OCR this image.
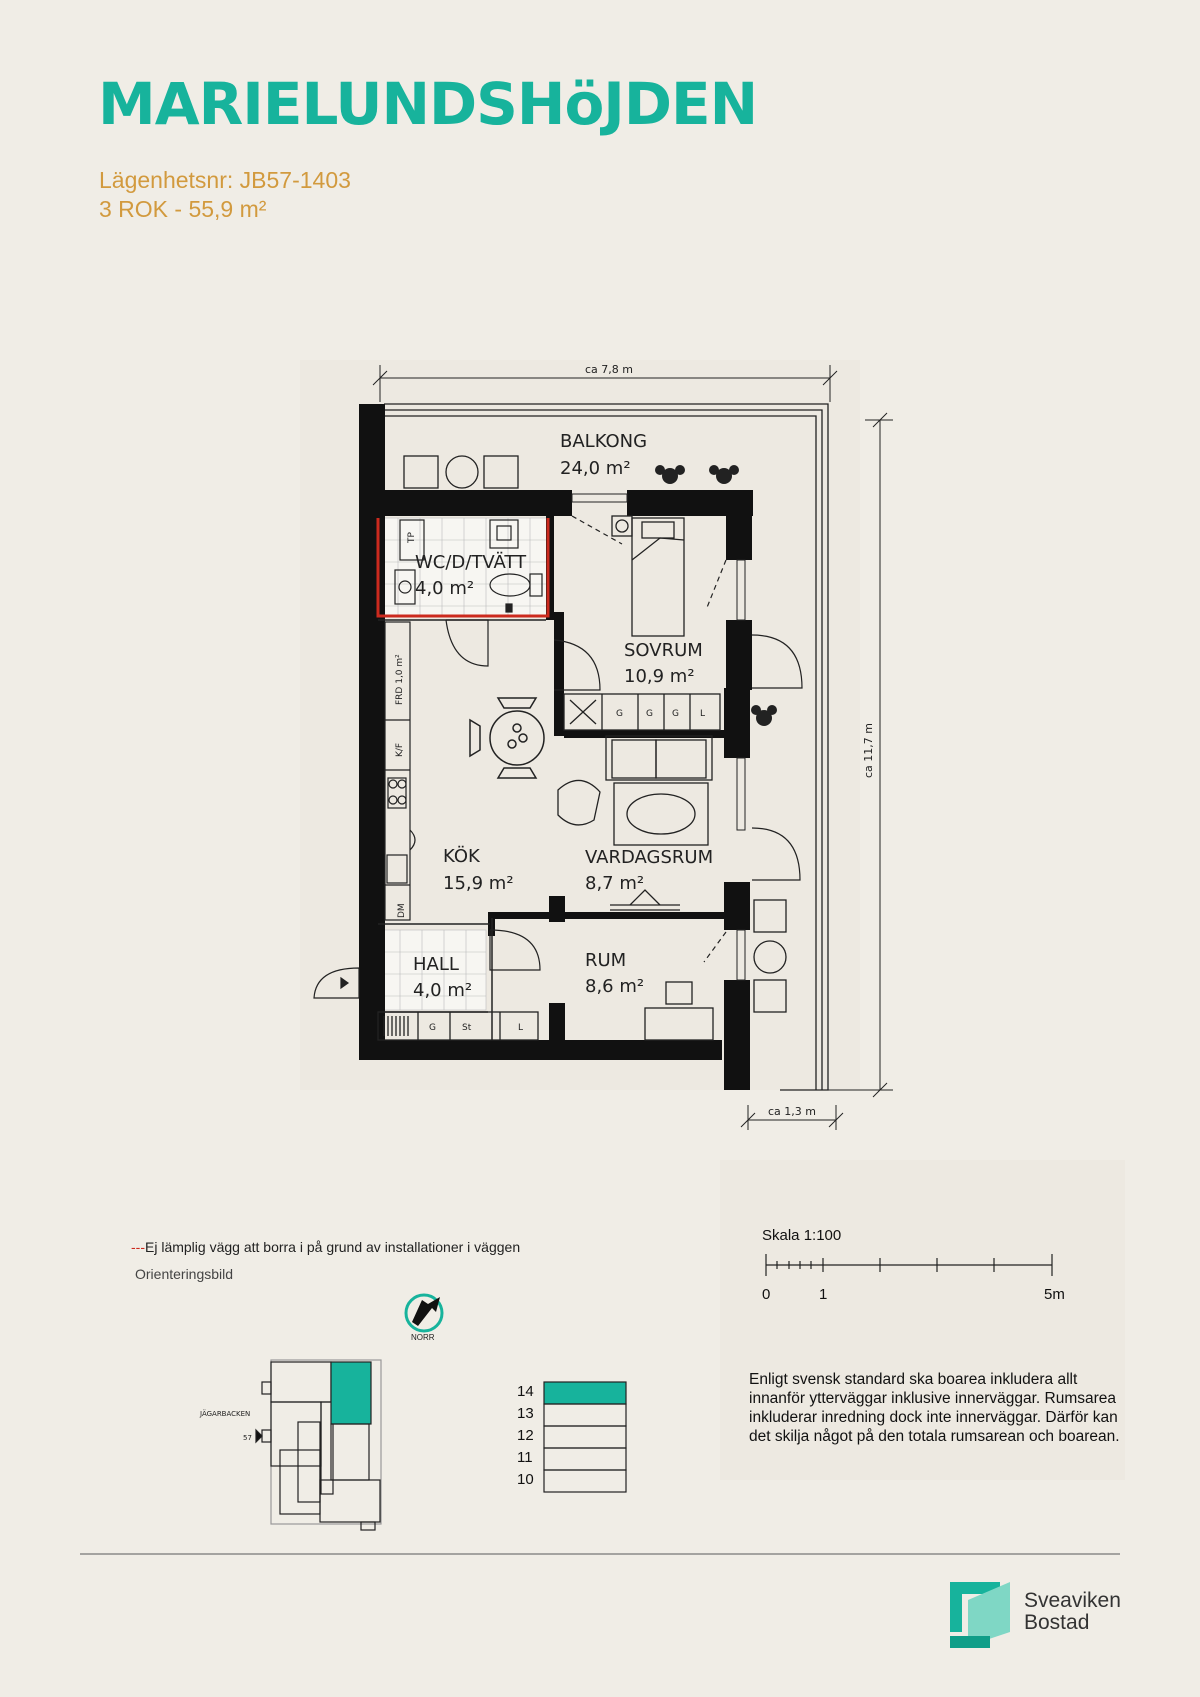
MARIELUNDSHöJDEN
Lägenhetsnr: JB57-1403
3 ROK - 55,9 m²
ca 7,8 m
ca 11,7 m
ca 1,3 m
FRD 1,0 m²
K/F
DM
TP
G	G G L
G	St	L
BALKONG
24,0 m²
WC/D/TVÄTT
4,0 m²
SOVRUM
10,9 m²
KÖK
15,9 m²
VARDAGSRUM
8,7 m²
HALL
4,0 m²
RUM
8,6 m²
JÄGARBACKEN
57
---Ej lämplig vägg att borra i på grund av installationer i väggen
Orienteringsbild
NORR
Skala 1:100
0	1	5m
14
13
12
11
10
Enligt svensk standard ska boarea inkludera allt innanför ytterväggar inklusive innerväggar. Rumsarea inkluderar inredning dock inte innerväggar. Därför kan det skilja något på den totala rumsarean och boarean.
Sveaviken
Bostad
